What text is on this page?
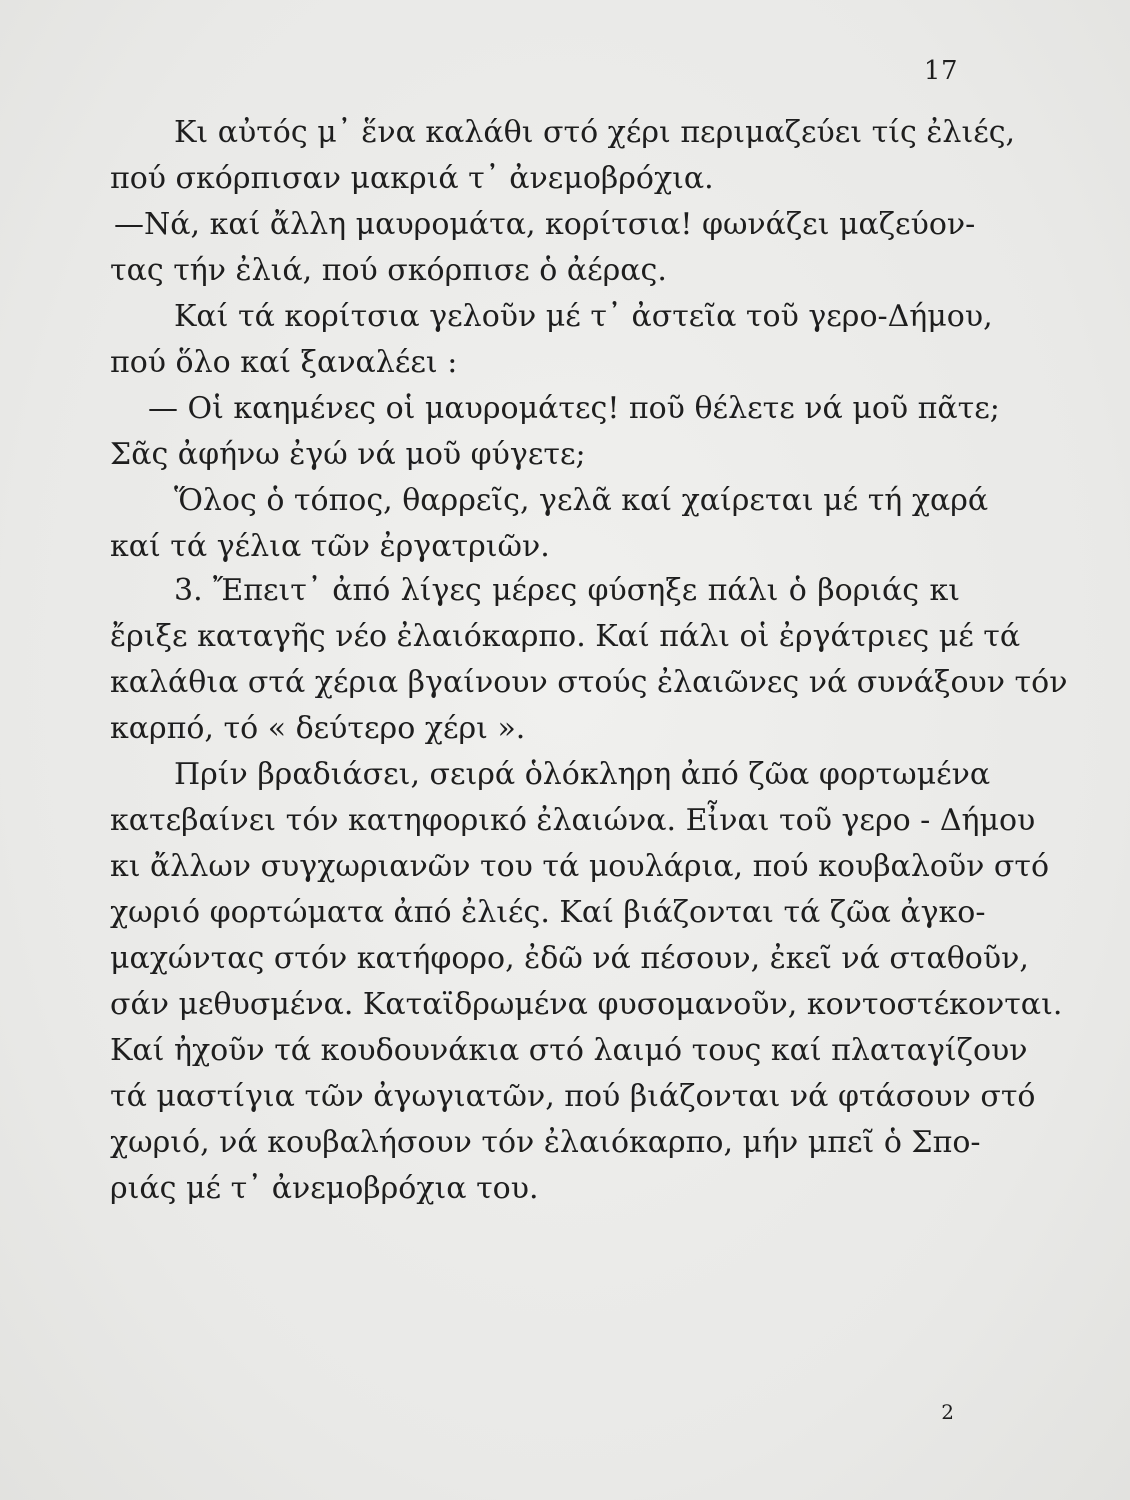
17
Κι αὐτός μ᾿ ἕνα καλάθι στό χέρι περιμαζεύει τίς ἐλιές,
πού σκόρπισαν μακριά τ᾿ ἀνεμοβρόχια.
—Νά, καί ἄλλη μαυρομάτα, κορίτσια! φωνάζει μαζεύον-
τας τήν ἐλιά, πού σκόρπισε ὁ ἀέρας.
Καί τά κορίτσια γελοῦν μέ τ᾿ ἀστεῖα τοῦ γερο-Δήμου,
πού ὅλο καί ξαναλέει :
— Οἱ καημένες οἱ μαυρομάτες! ποῦ θέλετε νά μοῦ πᾶτε;
Σᾶς ἀφήνω ἐγώ νά μοῦ φύγετε;
Ὅλος ὁ τόπος, θαρρεῖς, γελᾶ καί χαίρεται μέ τή χαρά
καί τά γέλια τῶν ἐργατριῶν.
3. Ἔπειτ᾿ ἀπό λίγες μέρες φύσηξε πάλι ὁ βοριάς κι
ἔριξε καταγῆς νέο ἐλαιόκαρπο. Καί πάλι οἱ ἐργάτριες μέ τά
καλάθια στά χέρια βγαίνουν στούς ἐλαιῶνες νά συνάξουν τόν
καρπό, τό « δεύτερο χέρι ».
Πρίν βραδιάσει, σειρά ὁλόκληρη ἀπό ζῶα φορτωμένα
κατεβαίνει τόν κατηφορικό ἐλαιώνα. Εἶναι τοῦ γερο - Δήμου
κι ἄλλων συγχωριανῶν του τά μουλάρια, πού κουβαλοῦν στό
χωριό φορτώματα ἀπό ἐλιές. Καί βιάζονται τά ζῶα ἀγκο-
μαχώντας στόν κατήφορο, ἐδῶ νά πέσουν, ἐκεῖ νά σταθοῦν,
σάν μεθυσμένα. Καταϊδρωμένα φυσομανοῦν, κοντοστέκονται.
Καί ἠχοῦν τά κουδουνάκια στό λαιμό τους καί πλαταγίζουν
τά μαστίγια τῶν ἀγωγιατῶν, πού βιάζονται νά φτάσουν στό
χωριό, νά κουβαλήσουν τόν ἐλαιόκαρπο, μήν μπεῖ ὁ Σπο-
ριάς μέ τ᾿ ἀνεμοβρόχια του.
2
